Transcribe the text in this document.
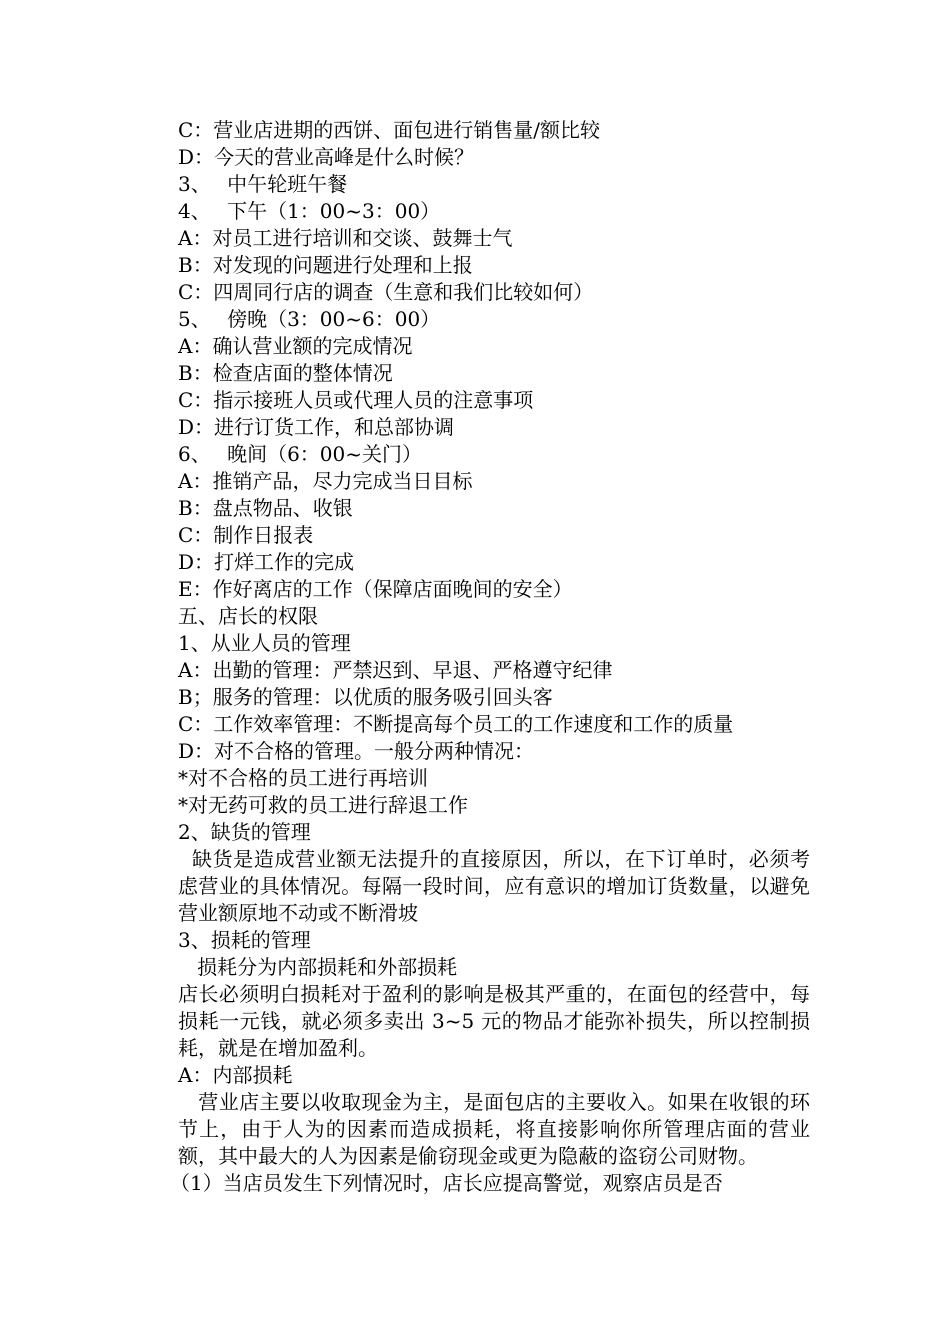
C：营业店进期的西饼、面包进行销售量/额比较
D：今天的营业高峰是什么时候？
3、　 中午轮班午餐
4、　 下午（1：00~3：00）
A：对员工进行培训和交谈、鼓舞士气
B：对发现的问题进行处理和上报
C：四周同行店的调查（生意和我们比较如何）
5、　 傍晚（3：00~6：00）
A：确认营业额的完成情况
B：检查店面的整体情况
C：指示接班人员或代理人员的注意事项
D：进行订货工作，和总部协调
6、　 晚间（6：00~关门）
A：推销产品，尽力完成当日目标
B：盘点物品、收银
C：制作日报表
D：打烊工作的完成
E：作好离店的工作（保障店面晚间的安全）
五、店长的权限
1、从业人员的管理
A：出勤的管理：严禁迟到、早退、严格遵守纪律
B；服务的管理：以优质的服务吸引回头客
C：工作效率管理：不断提高每个员工的工作速度和工作的质量
D：对不合格的管理。一般分两种情况：
*对不合格的员工进行再培训
*对无药可救的员工进行辞退工作
2、缺货的管理
缺货是造成营业额无法提升的直接原因，所以，在下订单时，必须考虑营业的具体情况。每隔一段时间，应有意识的增加订货数量，以避免营业额原地不动或不断滑坡
3、损耗的管理
损耗分为内部损耗和外部损耗
店长必须明白损耗对于盈利的影响是极其严重的，在面包的经营中，每损耗一元钱，就必须多卖出 3~5 元的物品才能弥补损失，所以控制损耗，就是在增加盈利。
A：内部损耗
营业店主要以收取现金为主，是面包店的主要收入。如果在收银的环节上，由于人为的因素而造成损耗，将直接影响你所管理店面的营业额，其中最大的人为因素是偷窃现金或更为隐蔽的盗窃公司财物。
（1）当店员发生下列情况时，店长应提高警觉，观察店员是否
